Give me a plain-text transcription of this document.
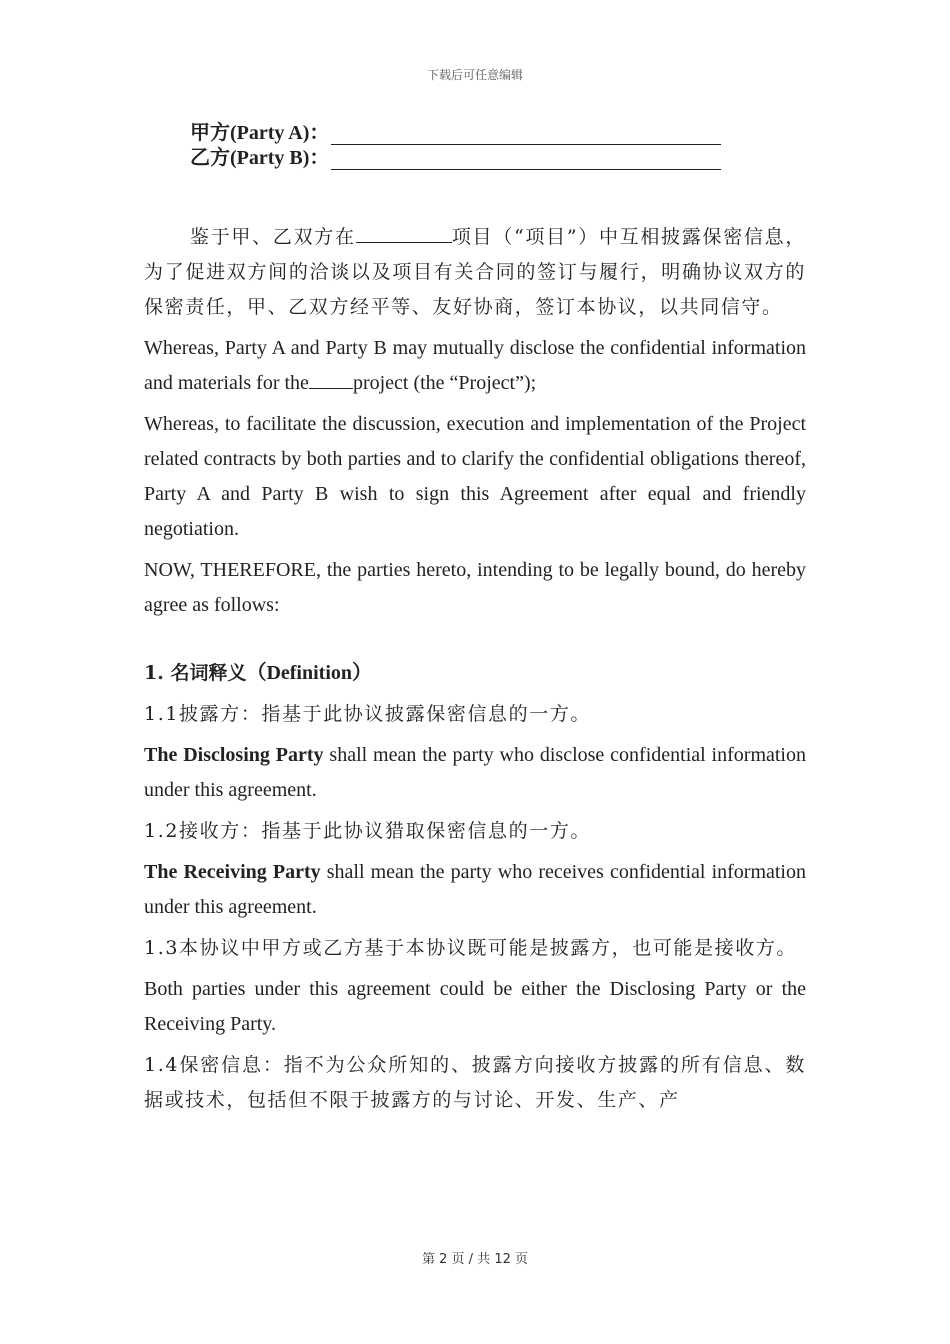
下载后可任意编辑
甲方(Party A)：
乙方(Party B)：

鉴于甲、乙双方在	项目（“项目”）中互相披露保密信息，为了促进双方间的洽谈以及项目有关合同的签订与履行，明确协议双方的保密责任，甲、乙双方经平等、友好协商，签订本协议，以共同信守。

Whereas, Party A and Party B may mutually disclose the confidential information and materials for the project (the “Project”);

Whereas, to facilitate the discussion, execution and implementation of the Project related contracts by both parties and to clarify the confidential obligations thereof, Party A and Party B wish to sign this Agreement after equal and friendly negotiation.

NOW, THEREFORE, the parties hereto, intending to be legally bound, do hereby agree as follows:

1. 名词释义（Definition）

1.1披露方：指基于此协议披露保密信息的一方。

The Disclosing Party shall mean the party who disclose confidential information under this agreement.

1.2接收方：指基于此协议猎取保密信息的一方。

The Receiving Party shall mean the party who receives confidential information under this agreement.

1.3本协议中甲方或乙方基于本协议既可能是披露方，也可能是接收方。

Both parties under this agreement could be either the Disclosing Party or the Receiving Party.

1.4保密信息：指不为公众所知的、披露方向接收方披露的所有信息、数据或技术，包括但不限于披露方的与讨论、开发、生产、产

第 2 页 / 共 12 页
